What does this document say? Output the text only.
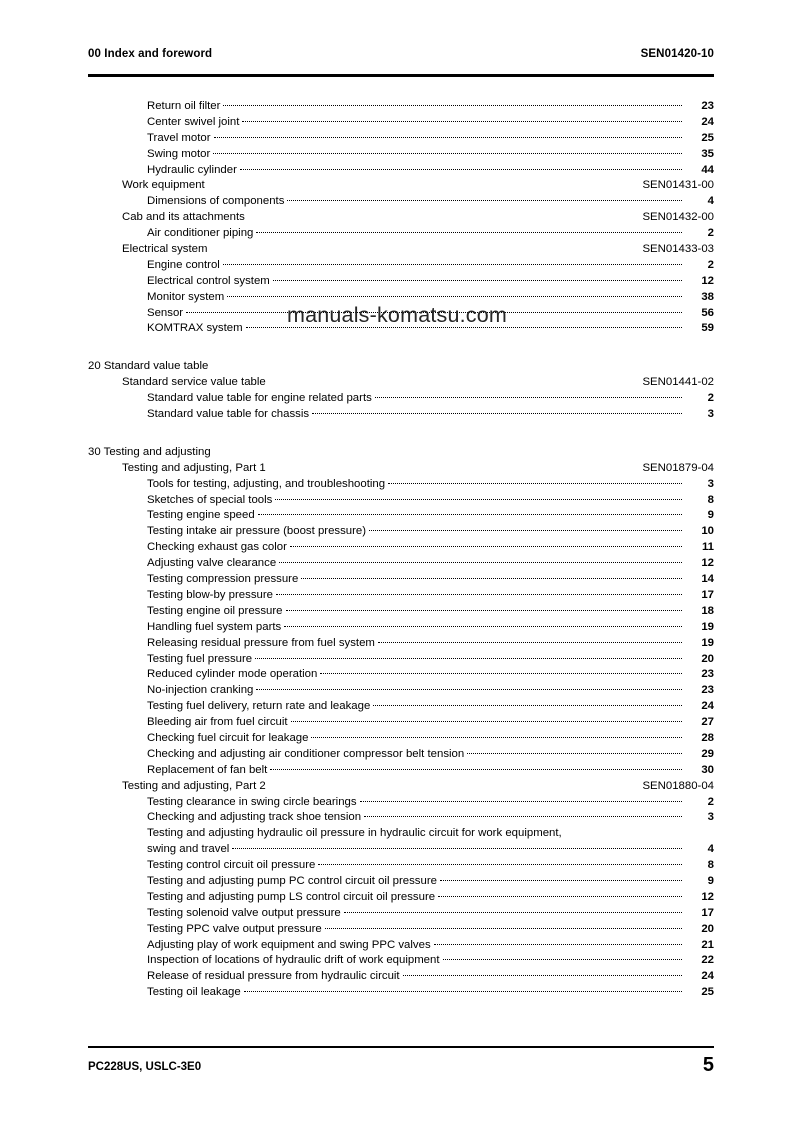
00 Index and foreword	SEN01420-10
Return oil filter	23
Center swivel joint	24
Travel motor	25
Swing motor	35
Hydraulic cylinder	44
Work equipment	SEN01431-00
Dimensions of components	4
Cab and its attachments	SEN01432-00
Air conditioner piping	2
Electrical system	SEN01433-03
Engine control	2
Electrical control system	12
Monitor system	38
Sensor	56
KOMTRAX system	59
20 Standard value table
Standard service value table	SEN01441-02
Standard value table for engine related parts	2
Standard value table for chassis	3
30 Testing and adjusting
Testing and adjusting, Part 1	SEN01879-04
Tools for testing, adjusting, and troubleshooting	3
Sketches of special tools	8
Testing engine speed	9
Testing intake air pressure (boost pressure)	10
Checking exhaust gas color	11
Adjusting valve clearance	12
Testing compression pressure	14
Testing blow-by pressure	17
Testing engine oil pressure	18
Handling fuel system parts	19
Releasing residual pressure from fuel system	19
Testing fuel pressure	20
Reduced cylinder mode operation	23
No-injection cranking	23
Testing fuel delivery, return rate and leakage	24
Bleeding air from fuel circuit	27
Checking fuel circuit for leakage	28
Checking and adjusting air conditioner compressor belt tension	29
Replacement of fan belt	30
Testing and adjusting, Part 2	SEN01880-04
Testing clearance in swing circle bearings	2
Checking and adjusting track shoe tension	3
Testing and adjusting hydraulic oil pressure in hydraulic circuit for work equipment,
swing and travel	4
Testing control circuit oil pressure	8
Testing and adjusting pump PC control circuit oil pressure	9
Testing and adjusting pump LS control circuit oil pressure	12
Testing solenoid valve output pressure	17
Testing PPC valve output pressure	20
Adjusting play of work equipment and swing PPC valves	21
Inspection of locations of hydraulic drift of work equipment	22
Release of residual pressure from hydraulic circuit	24
Testing oil leakage	25
manuals-komatsu.com
PC228US, USLC-3E0	5
